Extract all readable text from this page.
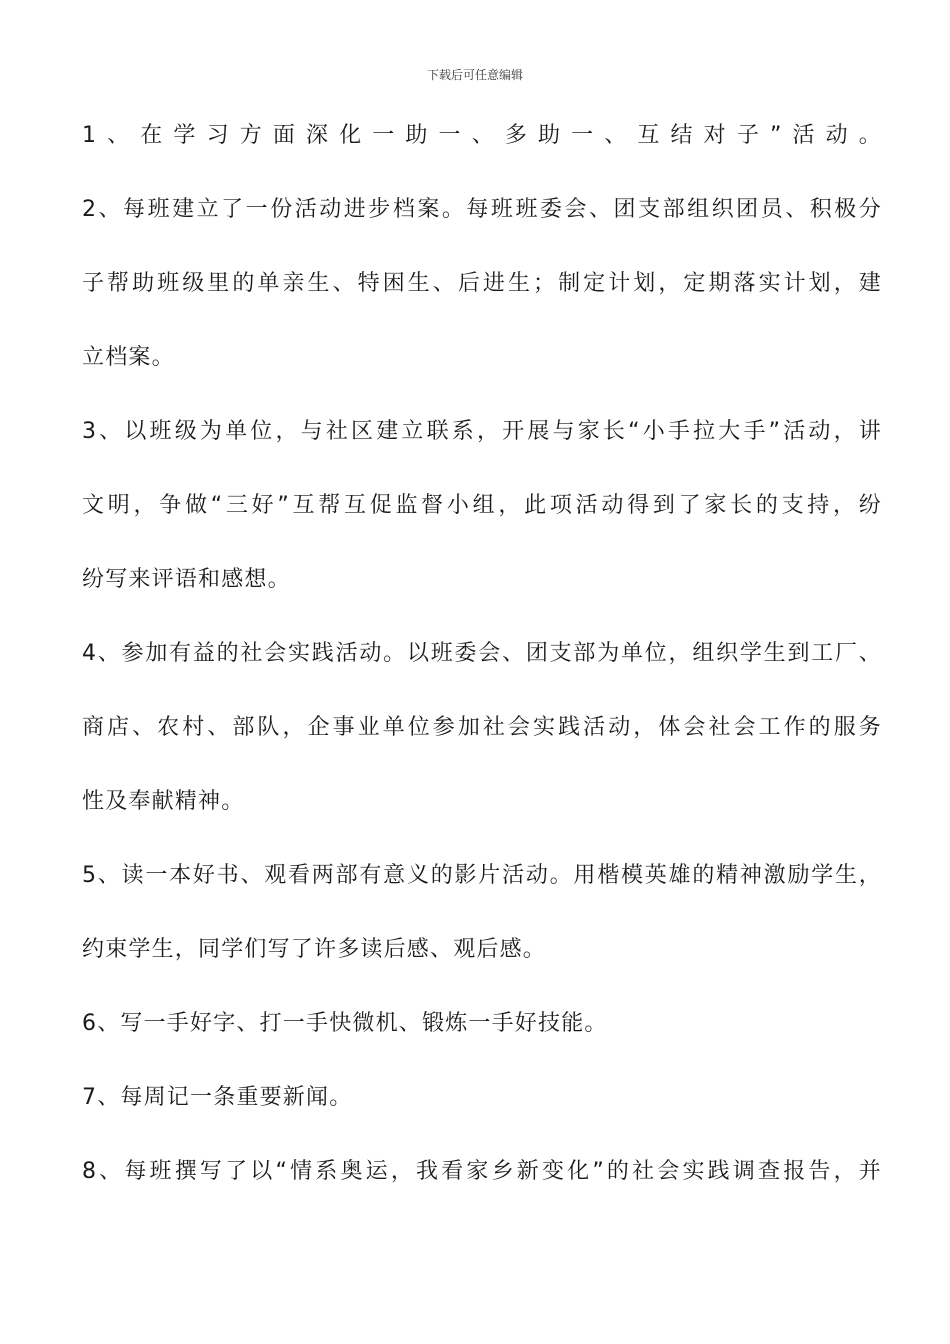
下载后可任意编辑
1、在学习方面深化一助一、多助一、互结对子”活动。
2、每班建立了一份活动进步档案。每班班委会、团支部组织团员、积极分
子帮助班级里的单亲生、特困生、后进生；制定计划，定期落实计划，建
立档案。
3、以班级为单位，与社区建立联系，开展与家长“小手拉大手”活动，讲
文明，争做“三好”互帮互促监督小组，此项活动得到了家长的支持，纷
纷写来评语和感想。
4、参加有益的社会实践活动。以班委会、团支部为单位，组织学生到工厂、
商店、农村、部队，企事业单位参加社会实践活动，体会社会工作的服务
性及奉献精神。
5、读一本好书、观看两部有意义的影片活动。用楷模英雄的精神激励学生，
约束学生，同学们写了许多读后感、观后感。
6、写一手好字、打一手快微机、锻炼一手好技能。
7、每周记一条重要新闻。
8、每班撰写了以“情系奥运，我看家乡新变化”的社会实践调查报告，并
